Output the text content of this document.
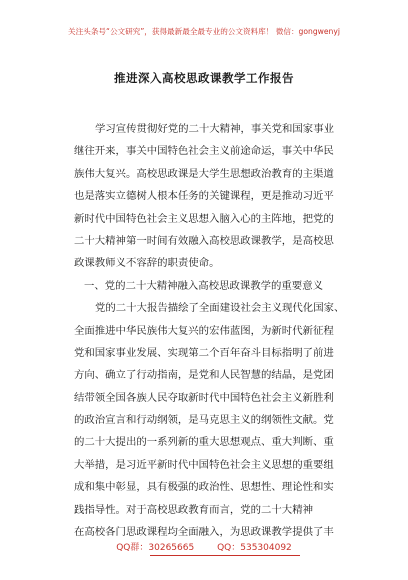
关注头条号“公文研究”，获得最新最全最专业的公文资料库！ 微信：gongwenyj
推进深入高校思政课教学工作报告
学习宣传贯彻好党的二十大精神，事关党和国家事业
继往开来，事关中国特色社会主义前途命运，事关中华民
族伟大复兴。高校思政课是大学生思想政治教育的主渠道
也是落实立德树人根本任务的关键课程，更是推动习近平
新时代中国特色社会主义思想入脑入心的主阵地，把党的
二十大精神第一时间有效融入高校思政课教学，是高校思
政课教师义不容辞的职责使命。
一、党的二十大精神融入高校思政课教学的重要意义
党的二十大报告描绘了全面建设社会主义现代化国家、
全面推进中华民族伟大复兴的宏伟蓝图，为新时代新征程
党和国家事业发展、实现第二个百年奋斗目标指明了前进
方向、确立了行动指南，是党和人民智慧的结晶，是党团
结带领全国各族人民夺取新时代中国特色社会主义新胜利
的政治宣言和行动纲领，是马克思主义的纲领性文献。党
的二十大提出的一系列新的重大思想观点、重大判断、重
大举措，是习近平新时代中国特色社会主义思想的重要组
成和集中彰显，具有极强的政治性、思想性、理论性和实
践指导性。对于高校思政教育而言，党的二十大精神
在高校各门思政课程均全面融入，为思政课教学提供了丰
QQ群：30265665	QQ：535304092
